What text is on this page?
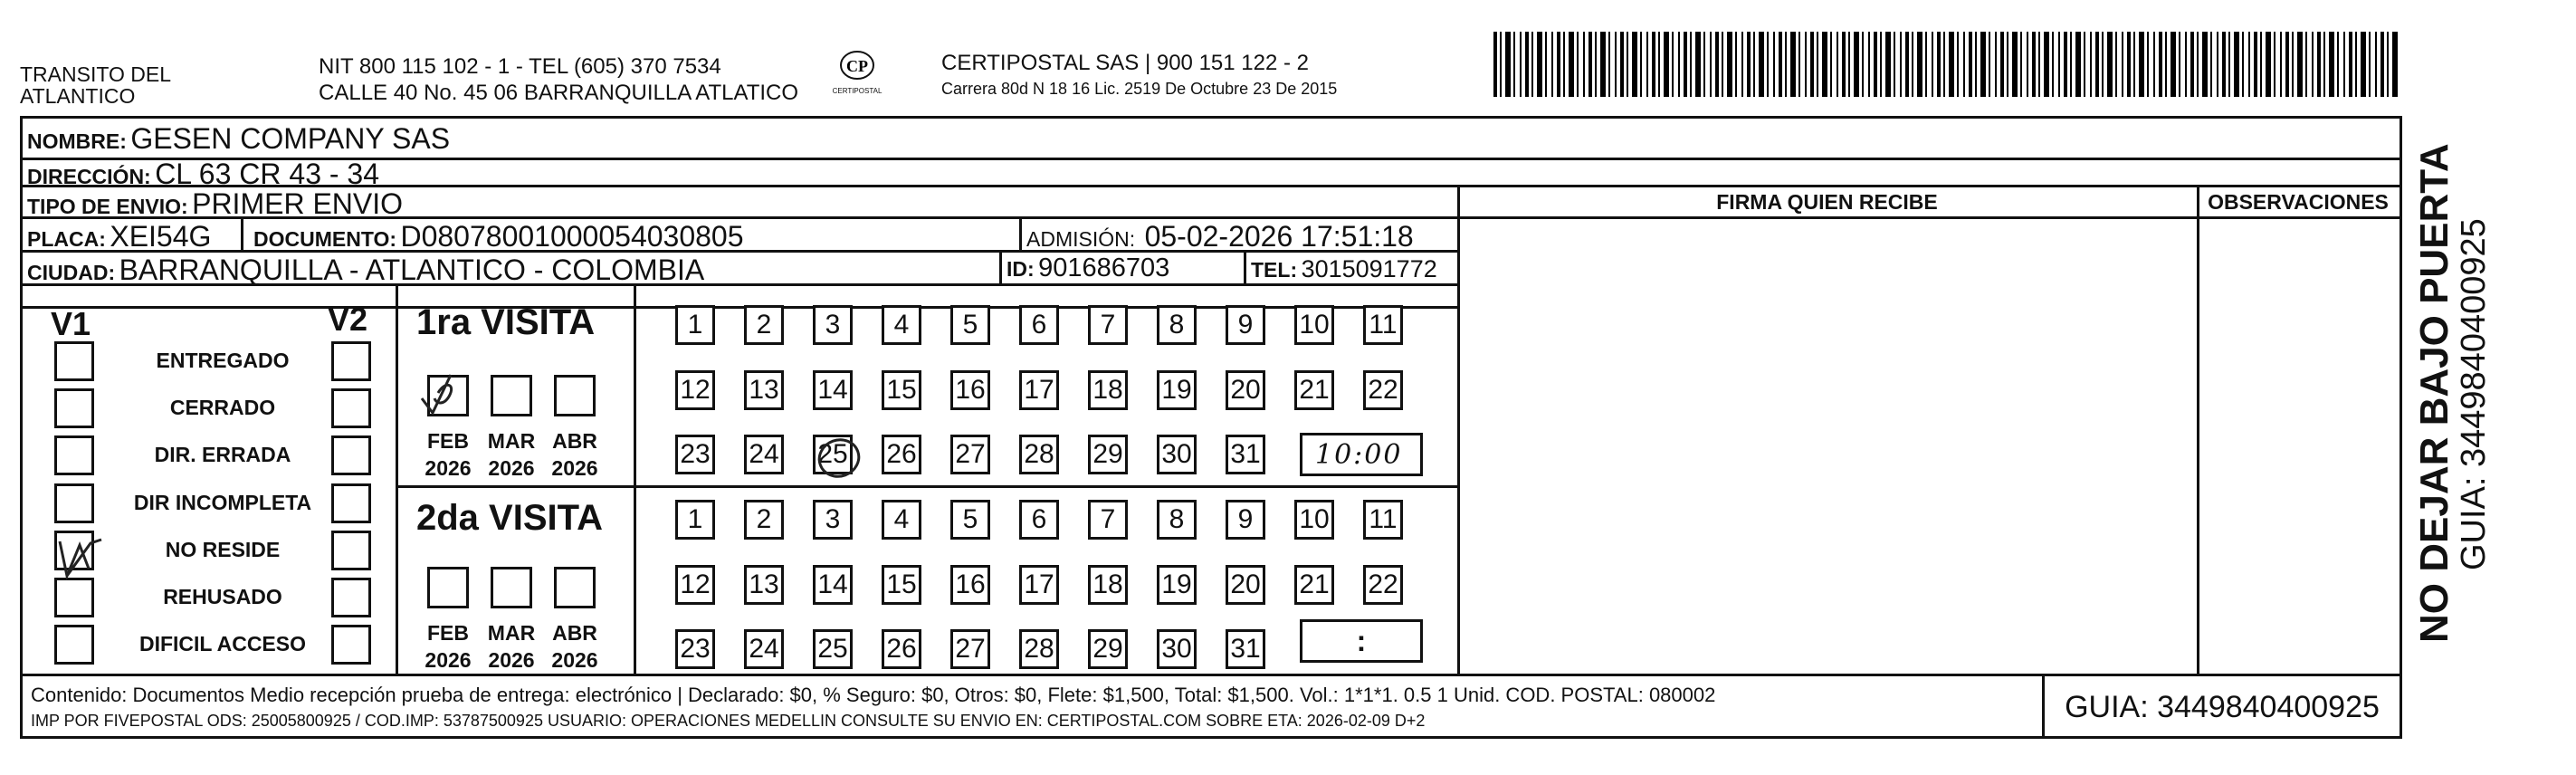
TRANSITO DEL ATLANTICO
NIT 800 115 102 - 1 - TEL (605) 370 7534
CALLE 40 No. 45 06 BARRANQUILLA ATLATICO
CP
CERTIPOSTAL
CERTIPOSTAL SAS | 900 151 122 - 2
Carrera 80d N 18 16 Lic. 2519 De Octubre 23 De 2015
NOMBRE: GESEN COMPANY SAS
DIRECCIÓN: CL 63 CR 43 - 34
TIPO DE ENVIO: PRIMER ENVIO	FIRMA QUIEN RECIBE	OBSERVACIONES
PLACA: XEI54G DOCUMENTO: D08078001000054030805	ADMISIÓN: 05-02-2026 17:51:18
CIUDAD: BARRANQUILLA - ATLANTICO - COLOMBIA	ID: 901686703	TEL: 3015091772
V1	V2
ENTREGADO
CERRADO
DIR. ERRADA
DIR INCOMPLETA
NO RESIDE
REHUSADO
DIFICIL ACCESO
1ra VISITA
2da VISITA
FEB
2026
MAR
2026
ABR
2026
FEB
2026
MAR
2026
ABR
2026
1	2	3	4	5	6	7	8	9	10 11
12 13 14 15 16 17 18 19 20 21 22
23 24 25 26 27 28 29 30 31
1	2	3	4	5	6	7	8	9	10 11
12 13 14 15 16 17 18 19 20 21 22
23 24 25 26 27 28 29 30 31
10:00
:
Contenido: Documentos Medio recepción prueba de entrega: electrónico | Declarado: $0, % Seguro: $0, Otros: $0, Flete: $1,500, Total: $1,500. Vol.: 1*1*1. 0.5 1 Unid. COD. POSTAL: 080002
IMP POR FIVEPOSTAL ODS: 25005800925 / COD.IMP: 53787500925 USUARIO: OPERACIONES MEDELLIN CONSULTE SU ENVIO EN: CERTIPOSTAL.COM SOBRE ETA: 2026-02-09 D+2	GUIA: 3449840400925
NO DEJAR BAJO PUERTA
GUIA: 3449840400925
